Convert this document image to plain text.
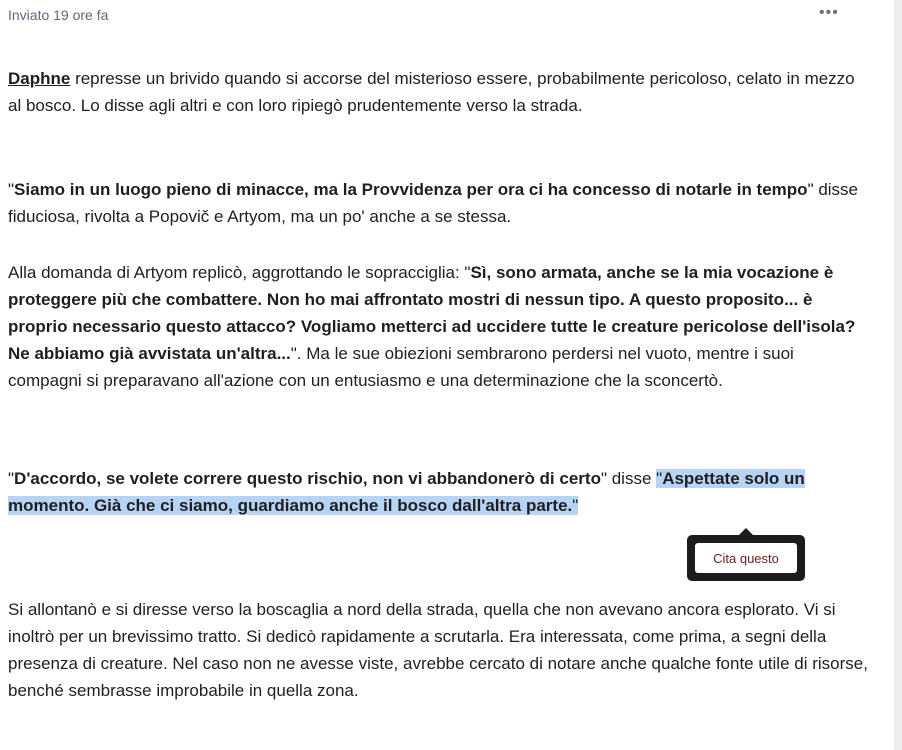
Inviato 19 ore fa	•••

Daphne represse un brivido quando si accorse del misterioso essere, probabilmente pericoloso, celato in mezzo al bosco. Lo disse agli altri e con loro ripiegò prudentemente verso la strada.

"Siamo in un luogo pieno di minacce, ma la Provvidenza per ora ci ha concesso di notarle in tempo" disse fiduciosa, rivolta a Popovič e Artyom, ma un po' anche a se stessa.

Alla domanda di Artyom replicò, aggrottando le sopracciglia: "Sì, sono armata, anche se la mia vocazione è proteggere più che combattere. Non ho mai affrontato mostri di nessun tipo. A questo proposito... è proprio necessario questo attacco? Vogliamo metterci ad uccidere tutte le creature pericolose dell'isola? Ne abbiamo già avvistata un'altra...". Ma le sue obiezioni sembrarono perdersi nel vuoto, mentre i suoi compagni si preparavano all'azione con un entusiasmo e una determinazione che la sconcertò.

"D'accordo, se volete correre questo rischio, non vi abbandonerò di certo" disse "Aspettate solo un momento. Già che ci siamo, guardiamo anche il bosco dall'altra parte."

Cita questo

Si allontanò e si diresse verso la boscaglia a nord della strada, quella che non avevano ancora esplorato. Vi si inoltrò per un brevissimo tratto. Si dedicò rapidamente a scrutarla. Era interessata, come prima, a segni della presenza di creature. Nel caso non ne avesse viste, avrebbe cercato di notare anche qualche fonte utile di risorse, benché sembrasse improbabile in quella zona.
